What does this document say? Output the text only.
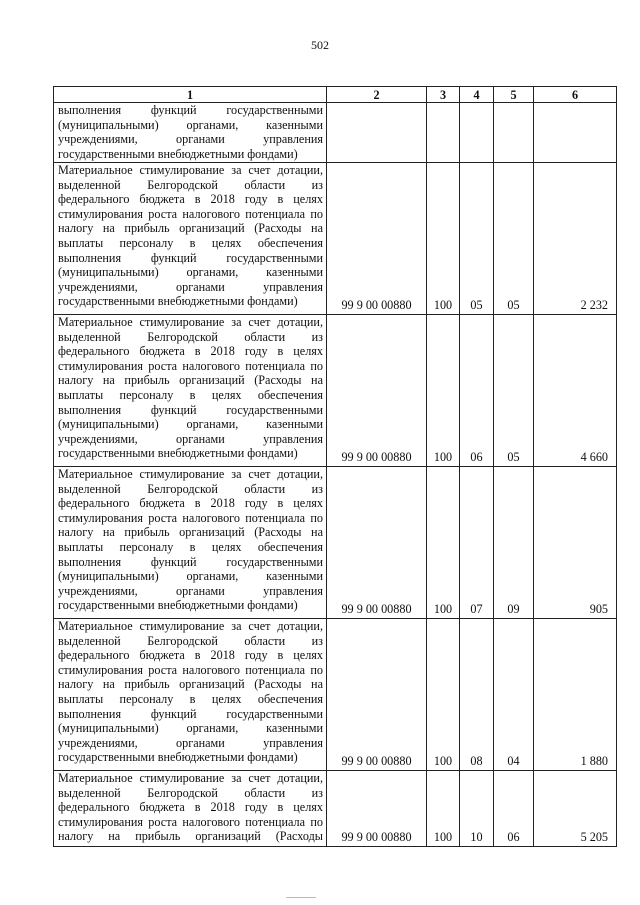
502
1	2	3	4	5	6

выполнения функций государственными (муниципальными) органами, казенными учреждениями, органами управления государственными внебюджетными фондами)					

Материальное стимулирование за счет дотации, выделенной Белгородской области из федерального бюджета в 2018 году в целях стимулирования роста налогового потенциала по налогу на прибыль организаций (Расходы на выплаты персоналу в целях обеспечения выполнения функций государственными (муниципальными) органами, казенными учреждениями, органами управления государственными внебюджетными фондами)	99 9 00 00880	100	05	05	2 232

Материальное стимулирование за счет дотации, выделенной Белгородской области из федерального бюджета в 2018 году в целях стимулирования роста налогового потенциала по налогу на прибыль организаций (Расходы на выплаты персоналу в целях обеспечения выполнения функций государственными (муниципальными) органами, казенными учреждениями, органами управления государственными внебюджетными фондами)	99 9 00 00880	100	06	05	4 660

Материальное стимулирование за счет дотации, выделенной Белгородской области из федерального бюджета в 2018 году в целях стимулирования роста налогового потенциала по налогу на прибыль организаций (Расходы на выплаты персоналу в целях обеспечения выполнения функций государственными (муниципальными) органами, казенными учреждениями, органами управления государственными внебюджетными фондами)	99 9 00 00880	100	07	09	905

Материальное стимулирование за счет дотации, выделенной Белгородской области из федерального бюджета в 2018 году в целях стимулирования роста налогового потенциала по налогу на прибыль организаций (Расходы на выплаты персоналу в целях обеспечения выполнения функций государственными (муниципальными) органами, казенными учреждениями, органами управления государственными внебюджетными фондами)	99 9 00 00880	100	08	04	1 880
Материальное стимулирование за счет дотации, выделенной Белгородской области из федерального бюджета в 2018 году в целях стимулирования роста налогового потенциала по налогу на прибыль организаций (Расходы	99 9 00 00880	100	10	06	5 205
